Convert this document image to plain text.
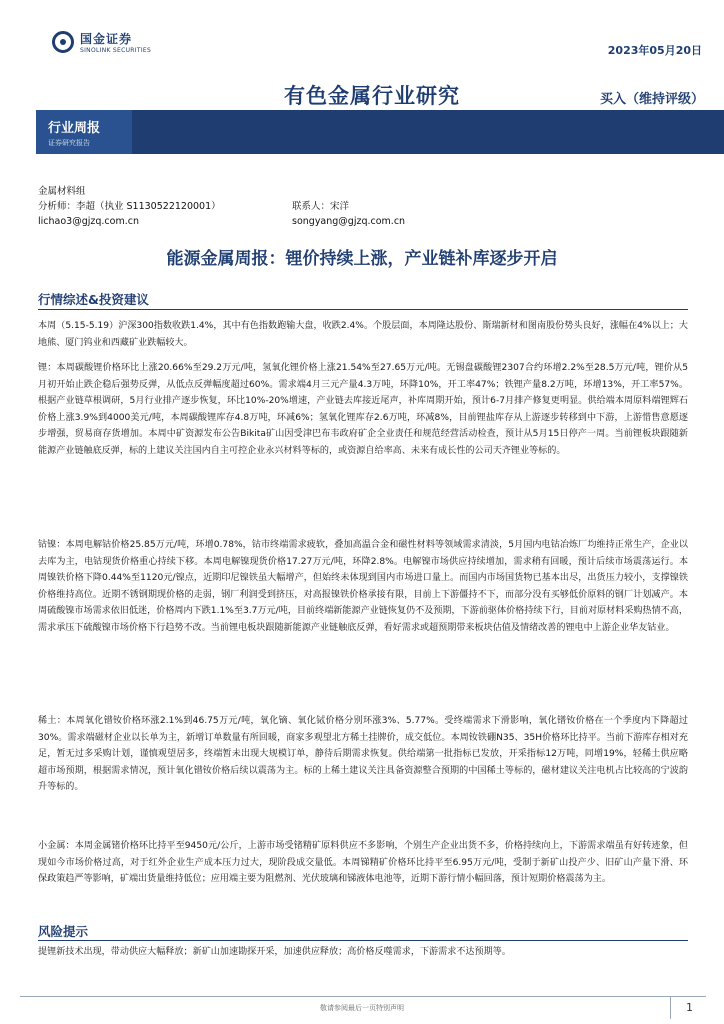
国金证券
SINOLINK SECURITIES	2023年05月20日
有色金属行业研究	买入（维持评级）
行业周报
证券研究报告
金属材料组
分析师：李超（执业 S1130522120001）	联系人：宋洋
lichao3@gjzq.com.cn	songyang@gjzq.com.cn
能源金属周报：锂价持续上涨，产业链补库逐步开启
行情综述&投资建议

本周（5.15-5.19）沪深300指数收跌1.4%，其中有色指数跑输大盘，收跌2.4%。个股层面，本周隆达股份、斯瑞新材和图南股份势头良好，涨幅在4%以上；大地熊、厦门钨业和西藏矿业跌幅较大。

锂：本周碳酸锂价格环比上涨20.66%至29.2万元/吨，氢氧化锂价格上涨21.54%至27.65万元/吨。无锡盘碳酸锂2307合约环增2.2%至28.5万元/吨，锂价从5月初开始止跌企稳后强势反弹，从低点反弹幅度超过60%。需求端4月三元产量4.3万吨，环降10%，开工率47%；铁锂产量8.2万吨，环增13%，开工率57%。根据产业链草根调研，5月行业排产逐步恢复，环比10%-20%增速，产业链去库接近尾声，补库周期开始，预计6-7月排产修复更明显。供给端本周原料端锂辉石价格上涨3.9%到4000美元/吨，本周碳酸锂库存4.8万吨，环减6%；氢氧化锂库存2.6万吨，环减8%，目前锂盐库存从上游逐步转移到中下游，上游惜售意愿逐步增强，贸易商存货增加。本周中矿资源发布公告Bikita矿山因受津巴布韦政府矿企全业责任和规范经营活动检查，预计从5月15日停产一周。当前锂板块跟随新能源产业链触底反弹，标的上建议关注国内自主可控企业永兴材料等标的，或资源自给率高、未来有成长性的公司天齐锂业等标的。

钴镍：本周电解钴价格25.85万元/吨，环增0.78%，钴市终端需求疲软，叠加高温合金和磁性材料等领域需求清淡，5月国内电钴冶炼厂均维持正常生产，企业以去库为主，电钴现货价格重心持续下移。本周电解镍现货价格17.27万元/吨，环降2.8%。电解镍市场供应持续增加，需求稍有回暖，预计后续市场震荡运行。本周镍铁价格下降0.44%至1120元/镍点，近期印尼镍铁虽大幅增产，但始终未体现到国内市场进口量上。而国内市场国货物已基本出尽，出货压力较小，支撑镍铁价格维持高位。近期不锈钢期现价格的走弱，钢厂利润受到挤压，对高报镍铁价格承接有限，目前上下游僵持不下，而部分没有买够低价原料的钢厂计划减产。本周硫酸镍市场需求依旧低迷，价格周内下跌1.1%至3.7万元/吨，目前终端新能源产业链恢复仍不及预期，下游前驱体价格持续下行，目前对原材料采购热情不高，需求承压下硫酸镍市场价格下行趋势不改。当前锂电板块跟随新能源产业链触底反弹，看好需求或超预期带来板块估值及情绪改善的锂电中上游企业华友钴业。

稀土：本周氧化镨钕价格环涨2.1%到46.75万元/吨，氧化镝、氧化铽价格分别环涨3%、5.77%。受终端需求下滑影响，氧化镨钕价格在一个季度内下降超过30%。需求端磁材企业以长单为主，新增订单数量有所回暖，商家多观望北方稀土挂牌价，成交低位。本周钕铁硼N35、35H价格环比持平。当前下游库存相对充足，暂无过多采购计划，谨慎观望居多，终端暂未出现大规模订单，静待后期需求恢复。供给端第一批指标已发放，开采指标12万吨，同增19%，轻稀土供应略超市场预期，根据需求情况，预计氧化镨钕价格后续以震荡为主。标的上稀土建议关注具备资源整合预期的中国稀土等标的，磁材建议关注电机占比较高的宁波韵升等标的。

小金属：本周金属锗价格环比持平至9450元/公斤，上游市场受锗精矿原料供应不多影响，个别生产企业出货不多，价格持续向上，下游需求端虽有好转迹象，但现如今市场价格过高，对于红外企业生产成本压力过大，现阶段成交量低。本周锑精矿价格环比持平至6.95万元/吨，受制于新矿山投产少、旧矿山产量下滑、环保政策趋严等影响，矿端出货量维持低位；应用端主要为阻燃剂、光伏玻璃和锑液体电池等，近期下游行情小幅回落，预计短期价格震荡为主。

风险提示

提锂新技术出现，带动供应大幅释放；新矿山加速勘探开采，加速供应释放；高价格反噬需求，下游需求不达预期等。

敬请参阅最后一页特别声明	1
